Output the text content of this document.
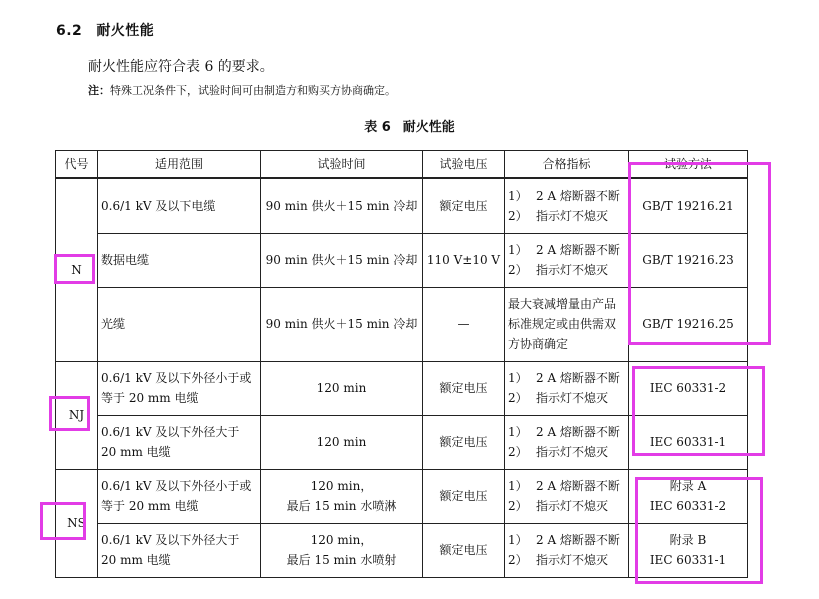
6.2 耐火性能
耐火性能应符合表 6 的要求。
注：特殊工况条件下，试验时间可由制造方和购买方协商确定。
表 6 耐火性能
代号	适用范围	试验时间	试验电压	合格指标	试验方法
N	0.6/1 kV 及以下电缆	90 min 供火＋15 min 冷却	额定电压	1） 2 A 熔断器不断
2） 指示灯不熄灭	GB/T 19216.21
	数据电缆	90 min 供火＋15 min 冷却	110 V±10 V	1） 2 A 熔断器不断
2） 指示灯不熄灭	GB/T 19216.23
	光缆	90 min 供火＋15 min 冷却	—	最大衰减增量由产品标准规定或由供需双方协商确定	GB/T 19216.25
NJ	0.6/1 kV 及以下外径小于或等于 20 mm 电缆	120 min	额定电压	1） 2 A 熔断器不断
2） 指示灯不熄灭	IEC 60331-2
	0.6/1 kV 及以下外径大于 20 mm 电缆	120 min	额定电压	1） 2 A 熔断器不断
2） 指示灯不熄灭	IEC 60331-1
NS	0.6/1 kV 及以下外径小于或等于 20 mm 电缆	120 min，
最后 15 min 水喷淋	额定电压	1） 2 A 熔断器不断
2） 指示灯不熄灭	附录 A
IEC 60331-2

	0.6/1 kV 及以下外径大于 20 mm 电缆	120 min，
最后 15 min 水喷射	额定电压	1） 2 A 熔断器不断
2） 指示灯不熄灭	附录 B
IEC 60331-1
